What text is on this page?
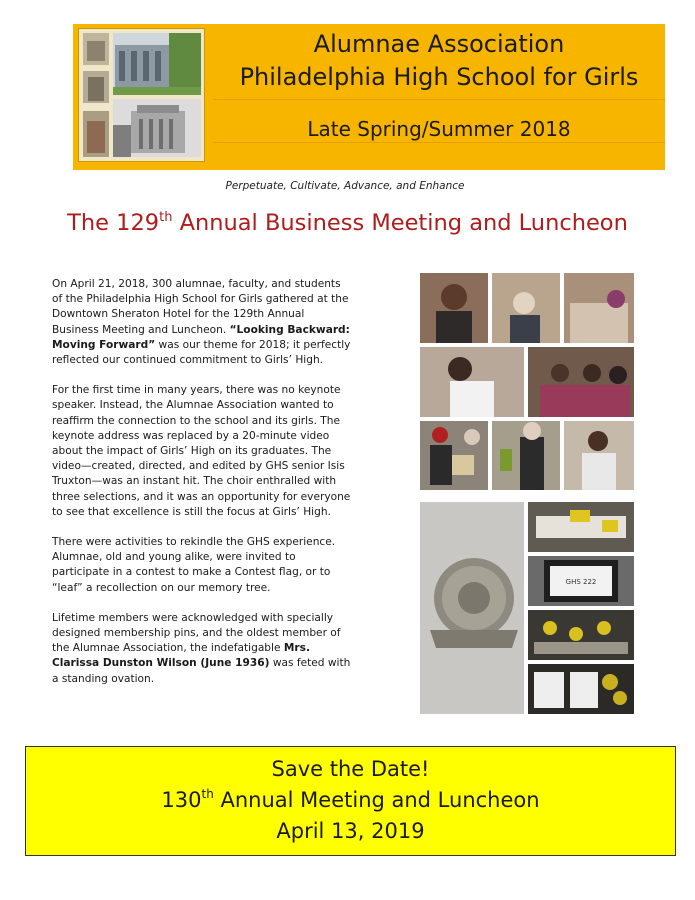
Alumnae Association
Philadelphia High School for Girls
Late Spring/Summer 2018
Perpetuate, Cultivate, Advance, and Enhance
The 129th Annual Business Meeting and Luncheon

On April 21, 2018, 300 alumnae, faculty, and students of the Philadelphia High School for Girls gathered at the Downtown Sheraton Hotel for the 129th Annual Business Meeting and Luncheon. “Looking Backward: Moving Forward” was our theme for 2018; it perfectly reflected our continued commitment to Girls’ High.

For the first time in many years, there was no keynote speaker. Instead, the Alumnae Association wanted to reaffirm the connection to the school and its girls. The keynote address was replaced by a 20-minute video about the impact of Girls’ High on its graduates. The video—created, directed, and edited by GHS senior Isis Truxton—was an instant hit. The choir enthralled with three selections, and it was an opportunity for everyone to see that excellence is still the focus at Girls’ High.

There were activities to rekindle the GHS experience. Alumnae, old and young alike, were invited to participate in a contest to make a Contest flag, or to “leaf” a recollection on our memory tree.

Lifetime members were acknowledged with specially designed membership pins, and the oldest member of the Alumnae Association, the indefatigable Mrs. Clarissa Dunston Wilson (June 1936) was feted with a standing ovation.

GHS 222
Save the Date!
130th Annual Meeting and Luncheon
April 13, 2019
